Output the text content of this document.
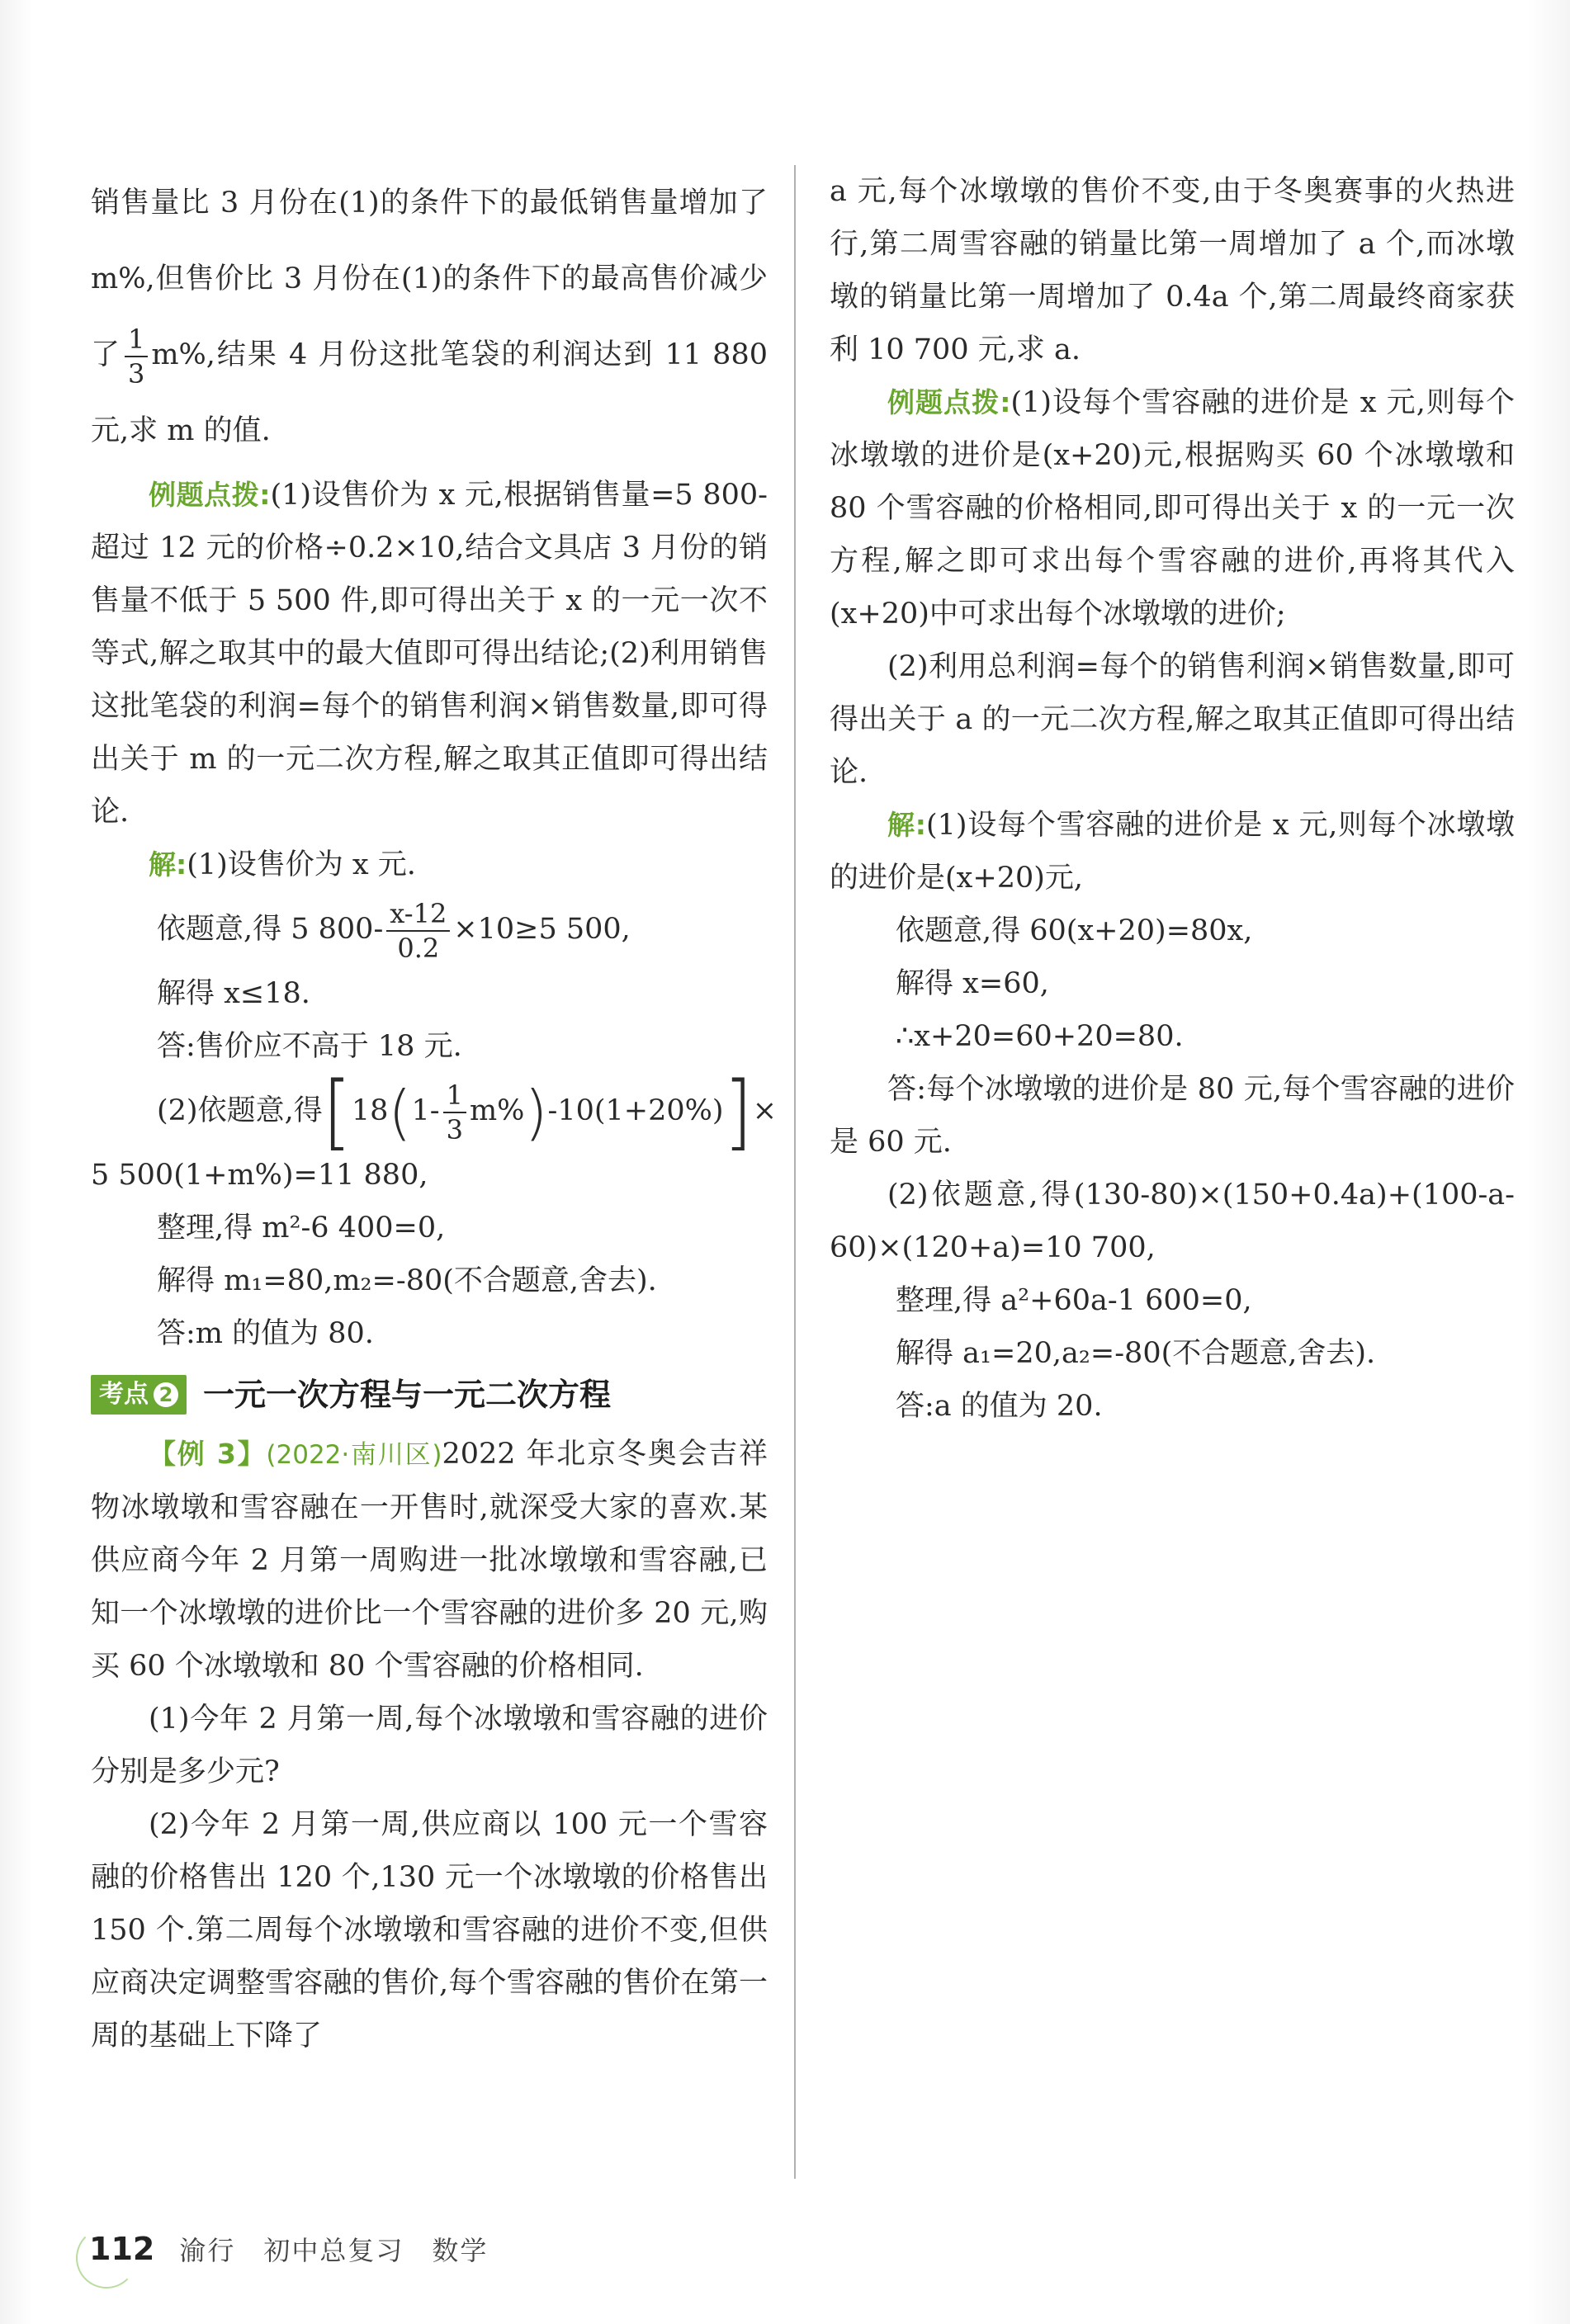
销售量比 3 月份在(1)的条件下的最低销售量增加了 m%,但售价比 3 月份在(1)的条件下的最高售价减少了 $\frac{1}{3} m\%$,结果 4 月份这批笔袋的利润达到 11 880 元,求 m 的值.

例题点拨:(1)设售价为 x 元,根据销售量=5 800-超过 12 元的价格÷0.2×10,结合文具店 3 月份的销售量不低于 5 500 件,即可得出关于 x 的一元一次不等式,解之取其中的最大值即可得出结论;(2)利用销售这批笔袋的利润=每个的销售利润×销售数量,即可得出关于 m 的一元二次方程,解之取其正值即可得出结论.

解:(1)设售价为 x 元.

依题意,得 5 $800- \frac{x-12}{0.2} \times 10\ge 5$ 500,

解得 x≤18.

答:售价应不高于 18 元.

(2)依题意,得$[18(1- \frac{1}{3} m\%)-10(1+20\%)]\times$

5 500(1+m%)=11 880,

整理,得 m²-6 400=0,

解得 m₁=80,m₂=-80(不合题意,舍去).

答:m 的值为 80.

考点 2 一元一次方程与一元二次方程

【例 3】(2022·南川区)2022 年北京冬奥会吉祥物冰墩墩和雪容融在一开售时,就深受大家的喜欢.某供应商今年 2 月第一周购进一批冰墩墩和雪容融,已知一个冰墩墩的进价比一个雪容融的进价多 20 元,购买 60 个冰墩墩和 80 个雪容融的价格相同.

(1)今年 2 月第一周,每个冰墩墩和雪容融的进价分别是多少元?

(2)今年 2 月第一周,供应商以 100 元一个雪容融的价格售出 120 个,130 元一个冰墩墩的价格售出 150 个.第二周每个冰墩墩和雪容融的进价不变,但供应商决定调整雪容融的售价,每个雪容融的售价在第一周的基础上下降了

a 元,每个冰墩墩的售价不变,由于冬奥赛事的火热进行,第二周雪容融的销量比第一周增加了 a 个,而冰墩墩的销量比第一周增加了 0.4a 个,第二周最终商家获利 10 700 元,求 a.

例题点拨:(1)设每个雪容融的进价是 x 元,则每个冰墩墩的进价是(x+20)元,根据购买 60 个冰墩墩和 80 个雪容融的价格相同,即可得出关于 x 的一元一次方程,解之即可求出每个雪容融的进价,再将其代入(x+20)中可求出每个冰墩墩的进价;

(2)利用总利润=每个的销售利润×销售数量,即可得出关于 a 的一元二次方程,解之取其正值即可得出结论.

解:(1)设每个雪容融的进价是 x 元,则每个冰墩墩的进价是(x+20)元,

依题意,得 60(x+20)=80x,

解得 x=60,

∴x+20=60+20=80.

答:每个冰墩墩的进价是 80 元,每个雪容融的进价是 60 元.

(2)依题意,得(130-80)×(150+0.4a)+(100-a-60)×(120+a)=10 700,

整理,得 a²+60a-1 600=0,

解得 a₁=20,a₂=-80(不合题意,舍去).

答:a 的值为 20.

112 渝行　初中总复习　数学
